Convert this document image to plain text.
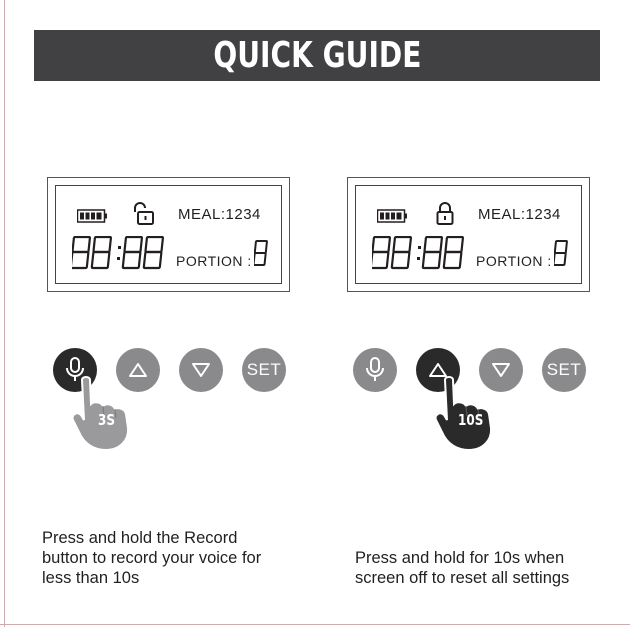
QUICK GUIDE
MEAL:1234
PORTION :
SET
3S
MEAL:1234
PORTION :
SET
10S
Press and hold the Record
button to record your voice for
less than 10s
Press and hold for 10s when
screen off to reset all settings
